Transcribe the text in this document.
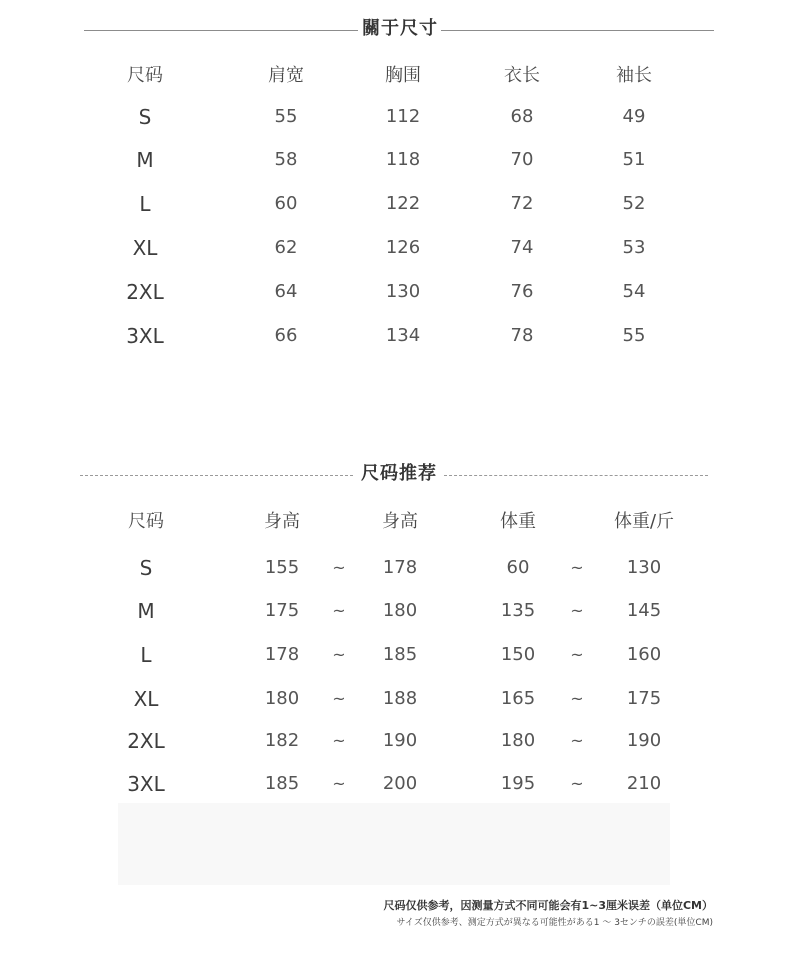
關于尺寸
尺码	肩宽	胸围	衣长	袖长
S	55	112	68	49
M	58	118	70	51
L	60	122	72	52
XL	62	126	74	53
2XL	64	130	76	54
3XL	66	134	78	55
尺码推荐
尺码	身高	身高	体重	体重/斤
S	155	~	178	60	~	130
M	175	~	180	135	~	145
L	178	~	185	150	~	160
XL	180	~	188	165	~	175
2XL	182	~	190	180	~	190
3XL	185	~	200	195	~	210
尺码仅供参考，因测量方式不同可能会有1~3厘米误差（单位CM）
サイズ仅供参考、测定方式が異なる可能性がある1 ～ 3センチの誤差(単位CM)
